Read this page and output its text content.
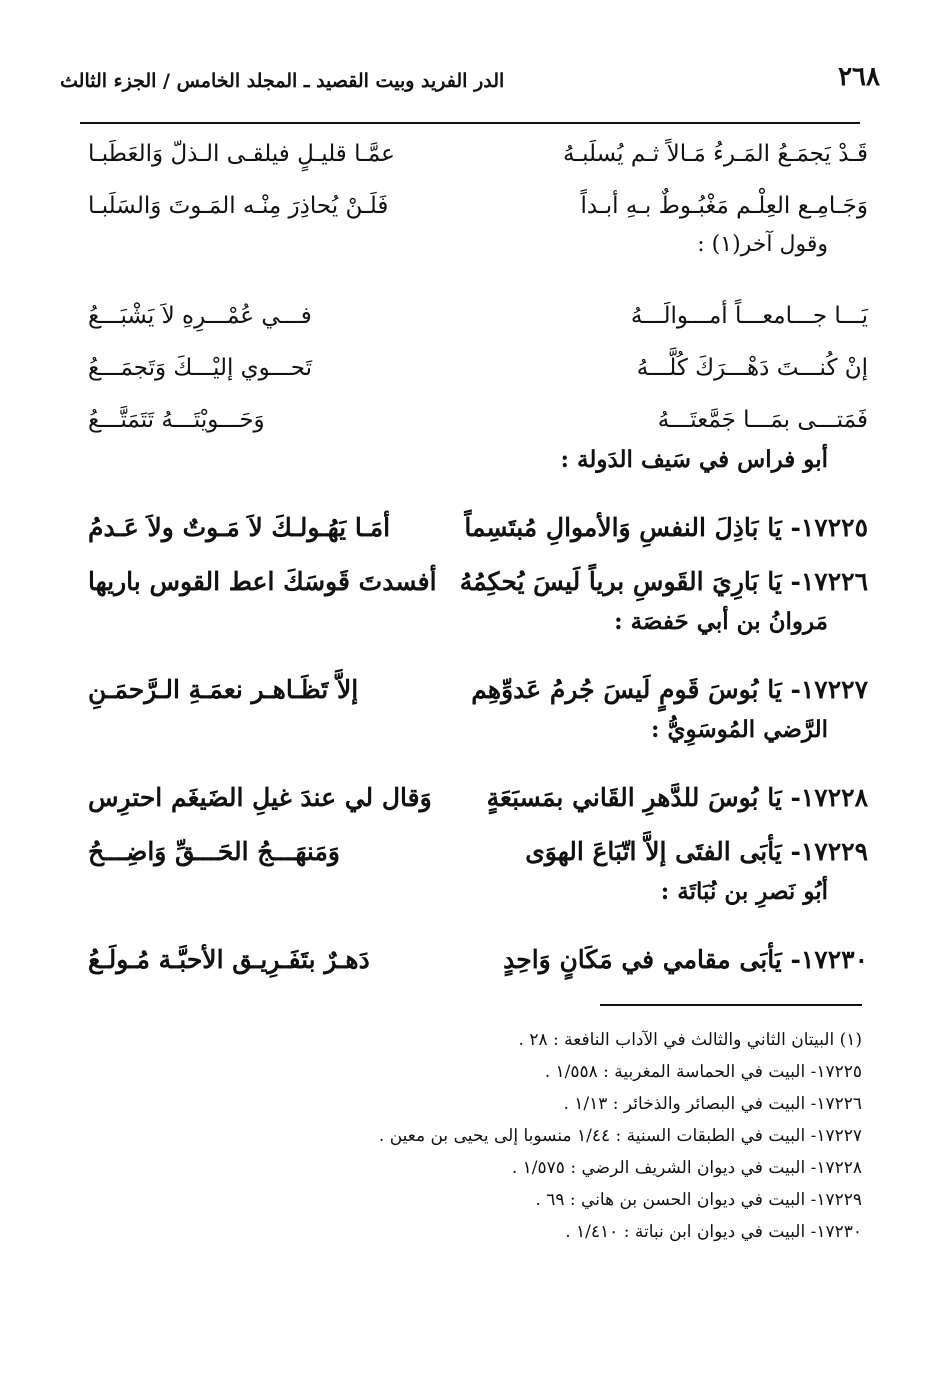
٢٦٨
الدر الفريد وبيت القصيد ـ المجلد الخامس / الجزء الثالث
قَـدْ يَجمَـعُ المَـرءُ مَـالاً ثـم يُسلَبـهُ
عمَّـا قليـلٍ فيلقـى الـذلّ وَالعَطَبـا
وَجَـامِـع العِلْـم مَغْبُـوطٌ بـهِ أبـداً
فَلَـنْ يُحاذِرَ مِنْـه المَـوتَ وَالسَلَبـا
وقول آخر(١) :
يَـــا جـــامعـــاً أمـــوالَـــهُ
فـــي عُمْـــرِهِ لاَ يَشْبَـــعُ
إنْ كُنـــتَ دَهْـــرَكَ كُلَّـــهُ
تَحـــوي إليْـــكَ وَتَجمَـــعُ
فَمَتـــى بمَـــا جَمَّعتَـــهُ
وَحَـــويْتَـــهُ تَتَمَتَّـــعُ
أبو فراس في سَيف الدَولة :
١٧٢٢٥- يَا بَاذِلَ النفسِ وَالأموالِ مُبتَسِماً
أمَـا يَهُـولـكَ لاَ مَـوتٌ ولاَ عَـدمُ
١٧٢٢٦- يَا بَارِيَ القَوسِ برياً لَيسَ يُحكِمُهُ
أفسدتَ قَوسَكَ اعط القوس باريها
مَروانُ بن أبي حَفصَة :
١٧٢٢٧- يَا بُوسَ قَومٍ لَيسَ جُرمُ عَدوِّهِم
إلاَّ تَظَـاهـر نعمَـةِ الـرَّحمَـنِ
الرَّضي المُوسَوِيُّ :
١٧٢٢٨- يَا بُوسَ للدَّهرِ القَاني بمَسبَعَةٍ
وَقال لي عندَ غيلِ الضَيغَم احترِس
١٧٢٢٩- يَأبَى الفتَى إلاَّ اتّبَاعَ الهوَى
وَمَنهَـــجُ الحَـــقِّ وَاضِـــحُ
أبُو نَصرِ بن نُبَاتَة :
١٧٢٣٠- يَأبَى مقامي في مَكَانٍ وَاحِدٍ
دَهـرٌ بتَفَـرِيـق الأحبَّـة مُـولَـعُ
(١) البيتان الثاني والثالث في الآداب النافعة : ٢٨ .
١٧٢٢٥- البيت في الحماسة المغربية : ١/٥٥٨ .
١٧٢٢٦- البيت في البصائر والذخائر : ١/١٣ .
١٧٢٢٧- البيت في الطبقات السنية : ١/٤٤ منسوبا إلى يحيى بن معين .
١٧٢٢٨- البيت في ديوان الشريف الرضي : ١/٥٧٥ .
١٧٢٢٩- البيت في ديوان الحسن بن هاني : ٦٩ .
١٧٢٣٠- البيت في ديوان ابن نباتة : ١/٤١٠ .
